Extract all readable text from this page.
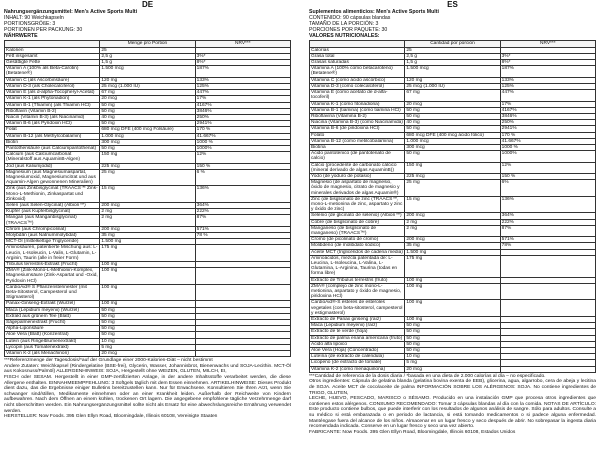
DE
Nahrungsergänzungsmittel: Men's Active Sports Multi
INHALT: 90 Weichkapseln
PORTIONSGRÖßE: 3
PORTIONEN PER PACKUNG: 30
NÄHRWERTE
	Menge pro Portion	NRV***
Kalorien	25	
Fett insgesamt	2,5 g	3%*
Gesättigte Fette	1,5 g	8%*
Vitamin A (100% als Beta-Carotin) (Betatene®)	1.500 mcg	187%
Vitamin C (als Ascorbinsäure)	120 mg	133%
Vitamin D-3 (als Cholecalciferol)	25 mcg (1.000 IU)	125%
Vitamin E (als d-alpha-Tocopheryl-Acetat)	67 mg	447%
Vitamin K-1 (als Phytonadion)	20 mcg	17%
Vitamin B-1 (Thiamin) (als Thiamin HCl)	50 mg	4167%
Riboflavin (Vitamin B-2)	50 mg	3846%
Niacin (Vitamin B-3) (als Niacinamid)	40 mg	250%
Vitamin B-6 (als Pyridoxin HCl)	50 mg	2941%
Folat	680 mcg DFE (400 mcg Folsäure)	170 %
Vitamin B-12 (als Methylcobalamin)	1.000 mcg	41.667%
Biotin	300 mcg	1000 %
Pantothensäure (aus Calciumpantothenat)	50 mg	1000%
Calcium (aus Calciumcarbonat (Mineralstoff aus AquaminB-Algen)	150 mg	12%
Jod (aus Kaliumjodid)	225 mcg	150 %
Magnesium (aus Magnesiumaspartat, Magnesiumoxid, Magnesiumcitrat und aus Aquamin-Algen gewonnenen Mineralien)	25 mg	6 %
Zink (aus Zinkbisglycinat (TRAACS™ Zink-Mono-L-Methionin, Zinkaspartat und Zinkoxid)	15 mg	136%
Selen (aus Selen-Glycinat) (Albion™)	200 mcg	364%
Kupfer (aus Kupferbisglycinat)	2 mg	222%
Mangan (aus Manganbisglycinat) (TRAACS™)	2 mg	87%
Chrom (aus Chrompicolinat)	200 mcg	571%
Molybdän (aus Natriummolybdat)	35 mg	78 %
MCT-Öl (mittelkettige Triglyceride)	1.500 mg	
Aminosäuren, patentierte Mischung aus: L-Leucin, L-Isoleucin, L-Valin, L-Glutamin, L-Arginin, Taurin (alle in freier Form)	175 mg	
Tribulus terrestris-Extrakt (Frucht)	100 mg	
ZMA® (Zink-Mono-L-Methionin-Komplex, Magnesiumsäure (Zink-Aspartat und -Oxid, Pyridoxin HCl)	100 mg	
CardioAid® S Pflanzensterinester (mit Beta-Sitosterol, Campesterol und Stigmasterol)	100 mg	
Panax-Ginseng-Extrakt (Wurzel)	100 mg	
Maca (Lepidium meyenii) (Wurzel)	50 mg	
Extrakt aus grünem Tee (Blatt)	50 mg	
Sägepalmenextrakt (Frucht)	50 mg	
Alpha-Liponsäure	50 mg	
Aloe Vera (Blatt) (Konzentrat)	50 mg	
Lutein (aus Ringelblumenextrakt)	10 mg	
Lycopin (aus Tomatenextrakt)	5 mg	
Vitamin K-2 (als Menachinon)	20 mcg	
***Referenzmenge der Tagesdosis/*auf der Grundlage einer 2000-Kalorien-Diät – nicht bestimmt
Andere Zutaten: Weichkapsel (Rindergelatine (BSE-frei), Glycerin, Wasser, Johannisbrot, Bienenwachs und SOJA-Lecithin. MCT-Öl aus Kokosnuss/Palmöl) ALLERGENHINWEIS: SOJA, Hergestellt ohne WEIZEN, GLUTEN, MILCH, EI,
FISCH oder SESAM. Hergestellt in einer GMP-zertifizierten Anlage, in der andere Inhaltsstoffe verarbeitet werden, die diese Allergene enthalten. EINNAHMEEMPFEHLUNG: 3 Softgels täglich mit dem Essen einnehmen. ARTIKELHINWEISE: Dieses Produkt dient dazu, das die Ergebnisse einiger Bulletins bereitzustellen kann. Nur für Erwachsene. Konsultieren Sie Ihren Arzt, wenn Sie schwanger sind/stillen, Medikamente einnehmen oder an einer Krankheit leiden. Außerhalb der Reichweite von Kindern aufbewahren. Nach dem Öffnen an einem kühlen, trockenen Ort lagern. Die angegebene empfohlene tägliche Verzehrmenge darf nicht überschritten werden. Ein Nahrungsergänzungsmittel sollte nicht als Ersatz für eine abwechslungsreiche Ernährung verwendet werden.
HERSTELLER: Now Foods. 395 Glen Ellyn Road, Bloomingdale, Illinois 60108, Vereinigte Staaten
ES
Suplementos alimenticios: Men's Active Sports Multi
CONTENIDO: 90 cápsulas blandas
TAMAÑO DE LA PORCIÓN: 3
PORCIONES POR PAQUETE: 30
VALORES NUTRICIONALES:
	Cantidad por porción	NRV***
Calorías	25	
Grasa total	2,5 g	3%*
Grasas saturadas	1,5 g	8%*
Vitamina A (100% como betacaroteno) (Betatene®)	1.500 mcg	187%
Vitamina C (como ácido ascórbico)	120 mg	133%
Vitamina D-3 (como colecalciferol)	25 mcg (1.000 IU)	125%
Vitamina E (como acetato de d-alfa-tocoferil)	67 mg	447%
Vitamina K-1 (como fitonadiona)	20 mcg	17%
Vitamina B-1 (tiamina) (como tiamina HCl)	50 mg	4167%
Riboflavina (Vitamina B-2)	50 mg	3846%
Niacina (Vitamina B-3) (como Niacinamida)	40 mg	250%
Vitamina B-6 (de piridoxina HCl)	50 mg	2941%
Folato	680 mcg DFE (400 mcg ácido fólico)	170 %
Vitamina B-12 (como metilcobalamina)	1.000 mcg	41.667%
Biotina	300 mcg	1000 %
Ácido pantoténico (de pantotenato de calcio)	50 mg	1000%
Calcio (procedente de carbonato cálcico (mineral derivado de algas AquaminB))	150 mg	12%
Yodo (de yoduro de potasio)	225 mcg	150 %
Magnesio (de aspartato de magnesio, óxido de magnesio, citrato de magnesio y minerales derivados de algas Aquamin®)	25 mg	6%
Zinc (de bisglicinato de zinc (TRAACS™, mono-L-metionina de zinc, aspartato y zinc y óxido de zinc)	15 mg	136%
Selenio (de glicinato de selenio) (Albion™)	200 mcg	364%
Cobre (de bisglicinato de cobre)	2 mg	222%
Manganeso (de bisglicinato de manganeso) (TRAACS™)	2 mg	87%
Cromo (de picolinato de cromo)	200 mcg	571%
Molibdeno (de molibdato sódico)	35 mg	78%
Aceite MCT (triglicéridos de cadena media)	1.500 mg	
Aminoácidos, mezcla patentada de: L-Leucina, L-Isoleucina, L-Valina, L-Glutamina, L-Arginina, Taurina (todas en forma libre)	175 mg	
Extracto de Tribulus terrestris (fruto)	100 mg	
ZMA® (complejo de zinc mono-L-metionina, aspartato y óxido de magnesio, piridoxina HCl)	100 mg	
CardioAid®-S ésteres de esteroles vegetales (con beta-sitosterol, campesterol y estigmasterol)	100 mg	
Extracto de Panax ginseng (raíz)	100 mg	
Maca (Lepidium meyenii) (raíz)	50 mg	
Extracto de té verde (hoja)	50 mg	
Extracto de palma enana americana (fruto)	50 mg	
Ácido alfa lipoico	50 mg	
Aloe Vera (Hoja) (Concentrado)	50 mg	
Luteína (de extracto de caléndula)	10 mg	
Licopeno (de extracto de tomate)	5 mg	
Vitamina K-2 (como menaquinona)	20 mcg	
***Cantidad de referencia de la dosis diaria / *basada en una dieta de 2.000 calorías al día – no especificado.
Otros ingredientes: Cápsula de gelatina blanda (gelatina bovina exenta de EEB), glicerina, agua, algarrobo, cera de abeja y lecitina de SOJA. Aceite MCT de coco/aceite de palma INFORMACIÓN SOBRE LOS ALÉRGENOS: SOJA. No contiene ingredientes de TRIGO, GLUTEN,
LECHE, HUEVO, PESCADO, MARISCO o SÉSAMO. Producido en una instalación GMP que procesa otros ingredientes que contienen estos alérgenos. CONSUMO RECOMENDADO: Tomar 3 cápsulas blandas al día con la comida. NOTAS DE ARTÍCULO: Este producto contiene bulbos, que puede interferir con los resultados de algunos análisis de sangre. Sólo para adultos. Consulte a su médico si está embarazada o en periodo de lactancia, si está tomando medicamentos o si padece alguna enfermedad. Manténgase fuera del alcance de los niños. Almacenar en un lugar fresco y seco después de abrir. No sobrepasar la ingesta diaria recomendada indicada. Conserve en un lugar fresco y seco una vez abierto.
FABRICANTE: Now Foods. 395 Glen Ellyn Road, Bloomingdale, Illinois 60108, Estados Unidos
